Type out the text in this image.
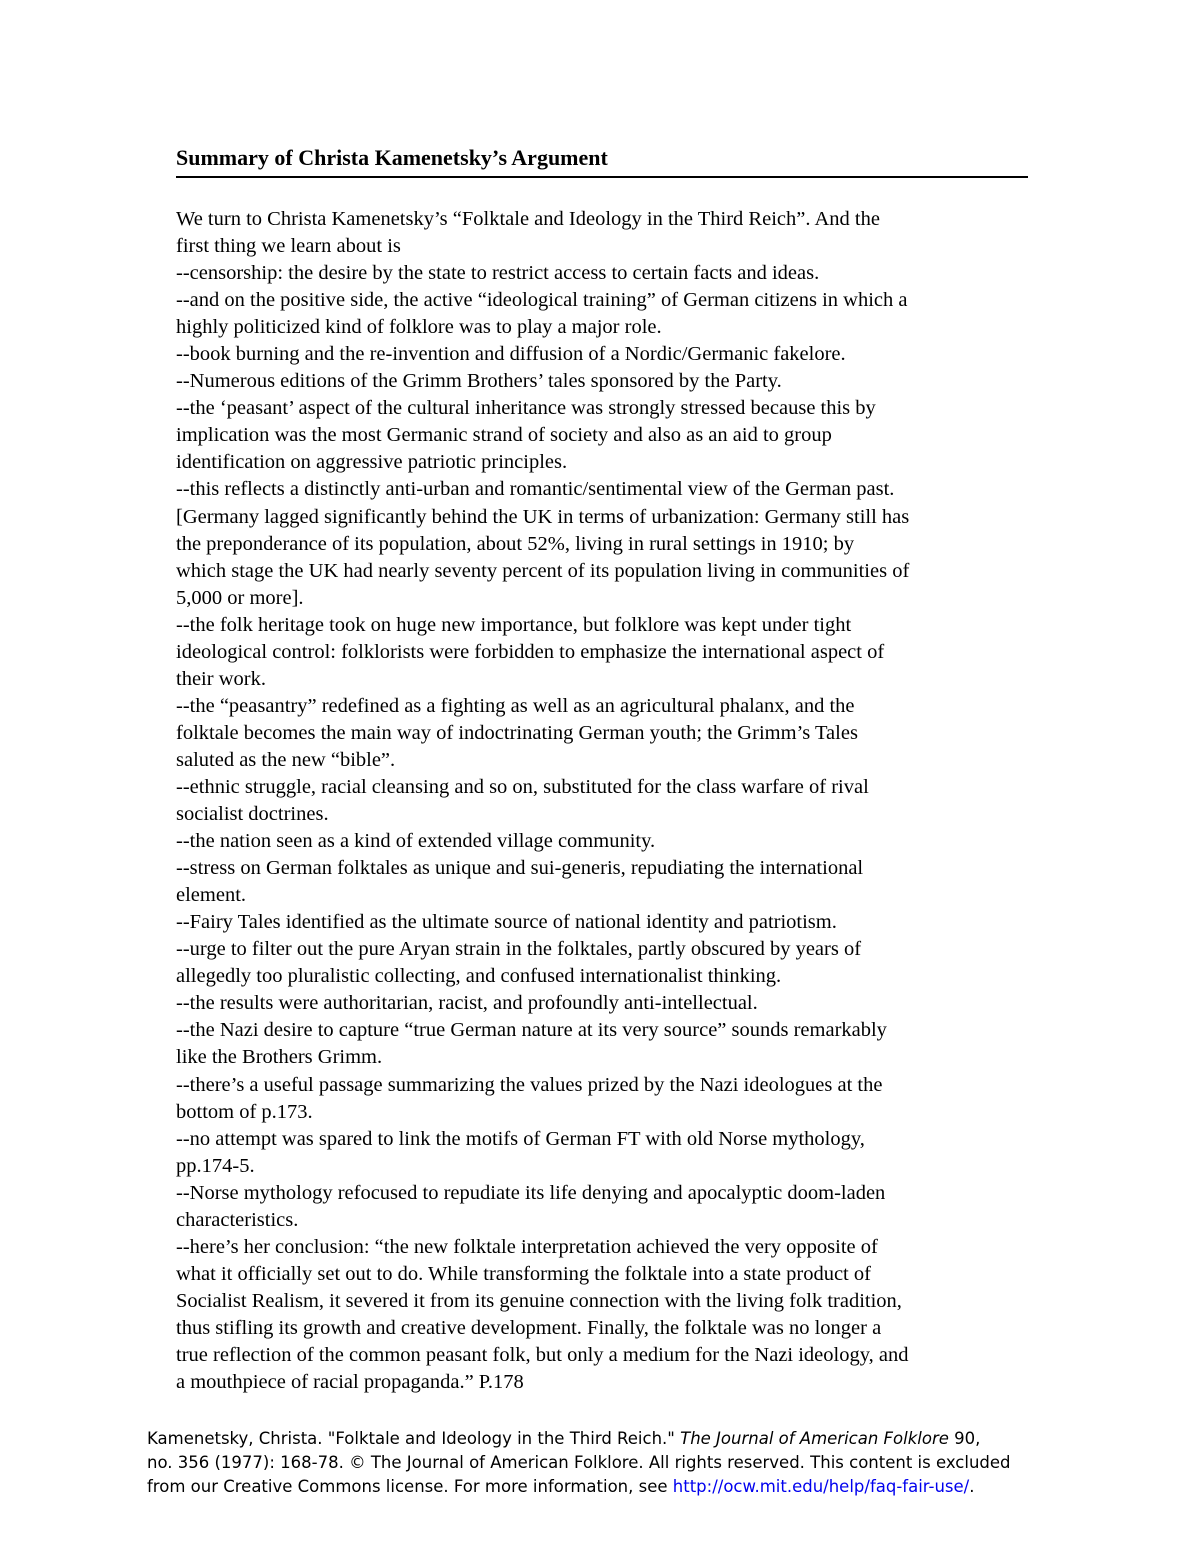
Summary of Christa Kamenetsky’s Argument
We turn to Christa Kamenetsky’s “Folktale and Ideology in the Third Reich”. And the
first thing we learn about is
--censorship: the desire by the state to restrict access to certain facts and ideas.
--and on the positive side, the active “ideological training” of German citizens in which a
highly politicized kind of folklore was to play a major role.
--book burning and the re-invention and diffusion of a Nordic/Germanic fakelore.
--Numerous editions of the Grimm Brothers’ tales sponsored by the Party.
--the ‘peasant’ aspect of the cultural inheritance was strongly stressed because this by
implication was the most Germanic strand of society and also as an aid to group
identification on aggressive patriotic principles.
--this reflects a distinctly anti-urban and romantic/sentimental view of the German past.
[Germany lagged significantly behind the UK in terms of urbanization: Germany still has
the preponderance of its population, about 52%, living in rural settings in 1910; by
which stage the UK had nearly seventy percent of its population living in communities of
5,000 or more].
--the folk heritage took on huge new importance, but folklore was kept under tight
ideological control: folklorists were forbidden to emphasize the international aspect of
their work.
--the “peasantry” redefined as a fighting as well as an agricultural phalanx, and the
folktale becomes the main way of indoctrinating German youth; the Grimm’s Tales
saluted as the new “bible”.
--ethnic struggle, racial cleansing and so on, substituted for the class warfare of rival
socialist doctrines.
--the nation seen as a kind of extended village community.
--stress on German folktales as unique and sui-generis, repudiating the international
element.
--Fairy Tales identified as the ultimate source of national identity and patriotism.
--urge to filter out the pure Aryan strain in the folktales, partly obscured by years of
allegedly too pluralistic collecting, and confused internationalist thinking.
--the results were authoritarian, racist, and profoundly anti-intellectual.
--the Nazi desire to capture “true German nature at its very source” sounds remarkably
like the Brothers Grimm.
--there’s a useful passage summarizing the values prized by the Nazi ideologues at the
bottom of p.173.
--no attempt was spared to link the motifs of German FT with old Norse mythology,
pp.174-5.
--Norse mythology refocused to repudiate its life denying and apocalyptic doom-laden
characteristics.
--here’s her conclusion: “the new folktale interpretation achieved the very opposite of
what it officially set out to do. While transforming the folktale into a state product of
Socialist Realism, it severed it from its genuine connection with the living folk tradition,
thus stifling its growth and creative development. Finally, the folktale was no longer a
true reflection of the common peasant folk, but only a medium for the Nazi ideology, and
a mouthpiece of racial propaganda.” P.178
Kamenetsky, Christa. "Folktale and Ideology in the Third Reich." The Journal of American Folklore 90,
no. 356 (1977): 168-78. © The Journal of American Folklore. All rights reserved. This content is excluded
from our Creative Commons license. For more information, see http://ocw.mit.edu/help/faq-fair-use/.
